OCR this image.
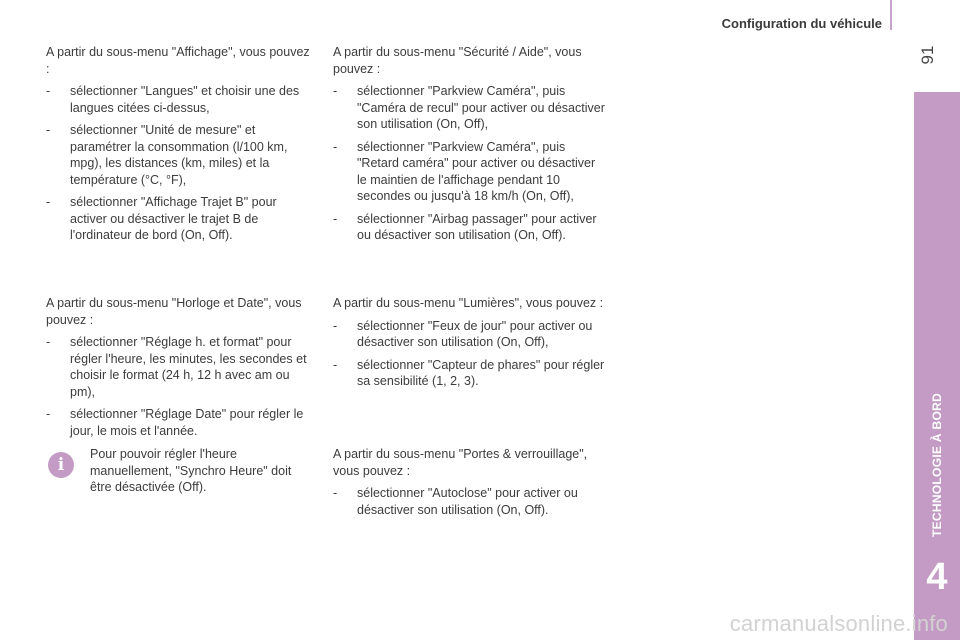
Configuration du véhicule
91
TECHNOLOGIE À BORD
4

A partir du sous-menu "Affichage", vous pouvez :

- sélectionner "Langues" et choisir une des langues citées ci-dessus,
- sélectionner "Unité de mesure" et paramétrer la consommation (l/100 km, mpg), les distances (km, miles) et la température (°C, °F),
- sélectionner "Affichage Trajet B" pour activer ou désactiver le trajet B de l'ordinateur de bord (On, Off).

A partir du sous-menu "Horloge et Date", vous pouvez :

- sélectionner "Réglage h. et format" pour régler l'heure, les minutes, les secondes et choisir le format (24 h, 12 h avec am ou pm),
- sélectionner "Réglage Date" pour régler le jour, le mois et l'année.
i

Pour pouvoir régler l'heure manuellement, "Synchro Heure" doit être désactivée (Off).

A partir du sous-menu "Sécurité / Aide", vous pouvez :

- sélectionner "Parkview Caméra", puis "Caméra de recul" pour activer ou désactiver son utilisation (On, Off),
- sélectionner "Parkview Caméra", puis "Retard caméra" pour activer ou désactiver le maintien de l'affichage pendant 10 secondes ou jusqu'à 18 km/h (On, Off),
- sélectionner "Airbag passager" pour activer ou désactiver son utilisation (On, Off).

A partir du sous-menu "Lumières", vous pouvez :

- sélectionner "Feux de jour" pour activer ou désactiver son utilisation (On, Off),
- sélectionner "Capteur de phares" pour régler sa sensibilité (1, 2, 3).

A partir du sous-menu "Portes & verrouillage", vous pouvez :

- sélectionner "Autoclose" pour activer ou désactiver son utilisation (On, Off).
carmanualsonline.info
